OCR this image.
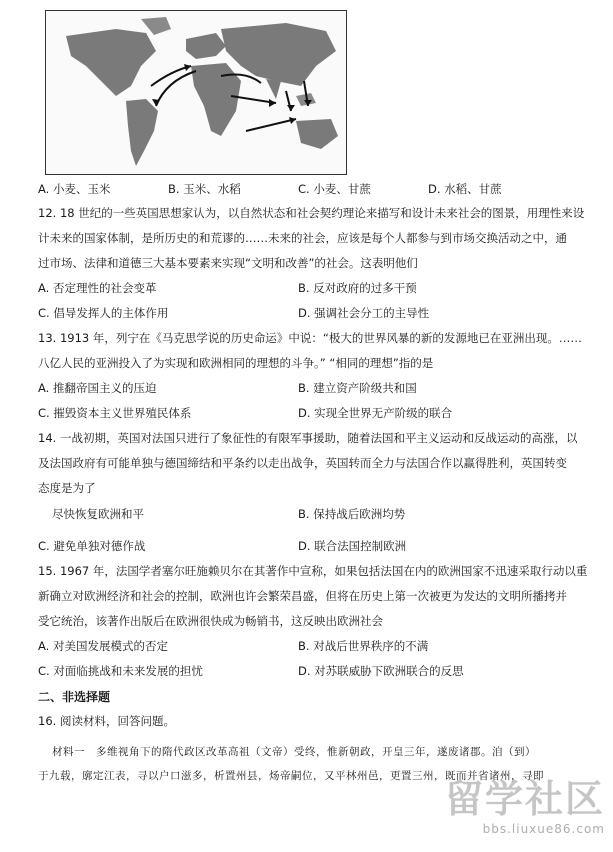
A. 小麦、玉米	B. 玉米、水稻	C. 小麦、甘蔗	D. 水稻、甘蔗
12. 18 世纪的一些英国思想家认为，以自然状态和社会契约理论来描写和设计未来社会的图景，用理性来设
计未来的国家体制，是所历史的和荒谬的……未来的社会，应该是每个人都参与到市场交换活动之中，通
过市场、法律和道德三大基本要素来实现“文明和改善”的社会。这表明他们
A. 否定理性的社会变革	B. 反对政府的过多干预
C. 倡导发挥人的主体作用	D. 强调社会分工的主导性
13. 1913 年，列宁在《马克思学说的历史命运》中说：“极大的世界风暴的新的发源地已在亚洲出现。……
八亿人民的亚洲投入了为实现和欧洲相同的理想的斗争。” “相同的理想”指的是
A. 推翻帝国主义的压迫	B. 建立资产阶级共和国
C. 摧毁资本主义世界殖民体系	D. 实现全世界无产阶级的联合
14. 一战初期，英国对法国只进行了象征性的有限军事援助，随着法国和平主义运动和反战运动的高涨，以
及法国政府有可能单独与德国缔结和平条约以走出战争，英国转而全力与法国合作以赢得胜利，英国转变
态度是为了
尽快恢复欧洲和平	B. 保持战后欧洲均势
C. 避免单独对德作战	D. 联合法国控制欧洲
15. 1967 年，法国学者塞尔旺施赖贝尔在其著作中宣称，如果包括法国在内的欧洲国家不迅速采取行动以重
新确立对欧洲经济和社会的控制，欧洲也许会繁荣昌盛，但将在历史上第一次被更为发达的文明所播拷并
受它统治，该著作出版后在欧洲很快成为畅销书，这反映出欧洲社会
A. 对美国发展模式的否定	B. 对战后世界秩序的不满
C. 对面临挑战和未来发展的担忧	D. 对苏联威胁下欧洲联合的反思
二、非选择题
16. 阅读材料，回答问题。
材料一　多维视角下的隋代政区改革高祖（文帝）受终，惟新朝政，开皇三年，遂废诸郡。洎（到）
于九载，廓定江表，寻以户口滋多，析置州县，炀帝嗣位，又平林州邑，更置三州，既而并省诸州，寻即
留学社区
bbs.liuxue86.com
